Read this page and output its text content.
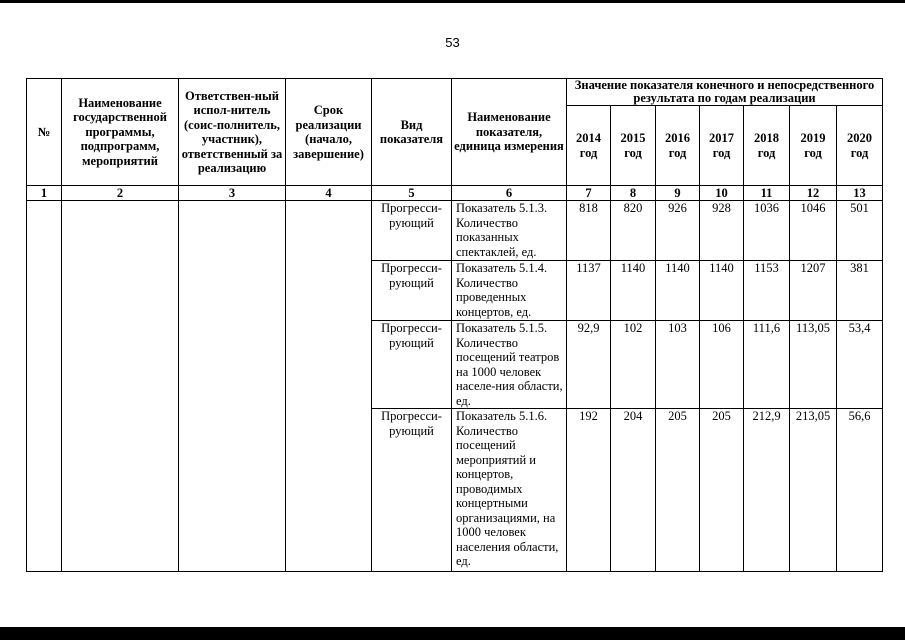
53
№	Наименование государственной программы, подпрограмм, мероприятий	Ответствен-ный испол-нитель (соис-полнитель, участник), ответственный за реализацию	Срок реализации (начало, завершение)	Вид показателя	Наименование показателя, единица измерения	Значение показателя конечного и непосредственного результата по годам реализации						
						2014 год	2015 год	2016 год	2017 год	2018 год	2019 год	2020 год
1	2	3	4	5	6	7	8	9	10	11	12	13
				Прогресси-рующий	Показатель 5.1.3. Количество показанных спектаклей, ед.	818	820	926	928	1036	1046	501
				Прогресси-рующий	Показатель 5.1.4. Количество проведенных концертов, ед.	1137	1140	1140	1140	1153	1207	381
				Прогресси-рующий	Показатель 5.1.5. Количество посещений театров на 1000 человек населе-ния области, ед.	92,9	102	103	106	111,6	113,05	53,4
				Прогресси-рующий	Показатель 5.1.6. Количество посещений мероприятий и концертов, проводимых концертными организациями, на 1000 человек населения области, ед.	192	204	205	205	212,9	213,05	56,6
